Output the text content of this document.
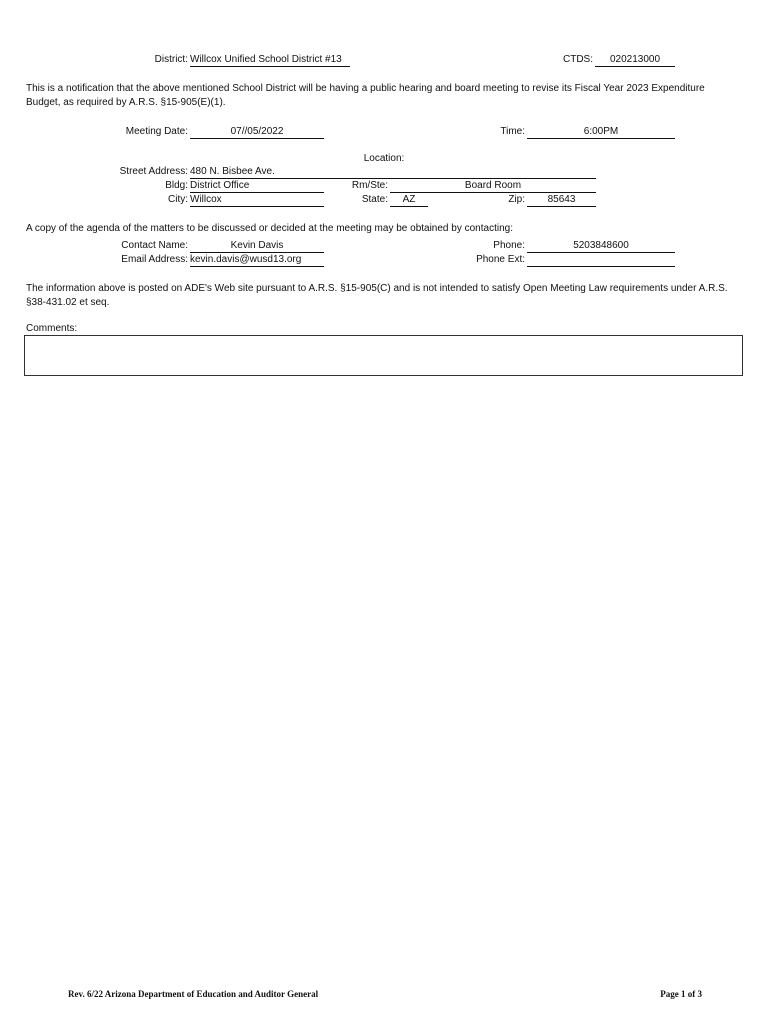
District: Willcox Unified School District #13	CTDS:	020213000
This is a notification that the above mentioned School District will be having a public hearing and board meeting to revise its Fiscal Year 2023 Expenditure Budget, as required by A.R.S. §15-905(E)(1).
Meeting Date:	07//05/2022	Time:	6:00PM
Location:
Street Address: 480 N. Bisbee Ave.
Bldg: District Office	Rm/Ste:	Board Room
City: Willcox	State:	AZ	Zip:	85643
A copy of the agenda of the matters to be discussed or decided at the meeting may be obtained by contacting:
Contact Name:	Kevin Davis	Phone:	5203848600
Email Address: kevin.davis@wusd13.org	Phone Ext:
The information above is posted on ADE's Web site pursuant to A.R.S. §15-905(C) and is not intended to satisfy Open Meeting Law requirements under A.R.S. §38-431.02 et seq.
Comments:
Rev. 6/22 Arizona Department of Education and Auditor General	Page 1 of 3
